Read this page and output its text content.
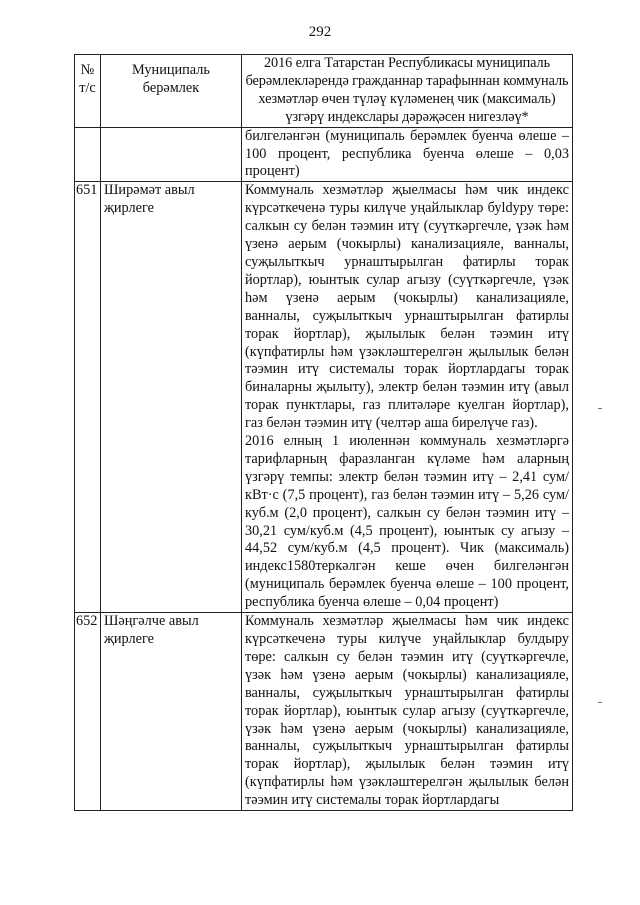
292
№ т/с	Муниципаль берәмлек	2016 елга Татарстан Республикасы муниципаль берәмлекләрендә гражданнар тарафыннан коммуналь хезмәтләр өчен түләү күләменең чик (максималь) үзгәрү индекслары дәрәҗәсен нигезләү*

		билгеләнгән (муниципаль берәмлек буенча өлеше – 100 процент, республика буенча өлеше – 0,03 процент)

651	Ширәмәт авыл җирлеге	Коммуналь хезмәтләр җыелмасы һәм чик индекс күрсәткеченә туры килүче уңайлыклар буldyру төре: салкын су белән тәэмин итү (суүткәргечле, үзәк һәм үзенә аерым (чокырлы) канализацияле, ванналы, суҗылыткыч урнаштырылган фатирлы торак йортлар), юынтык сулар агызу (суүткәргечле, үзәк һәм үзенә аерым (чокырлы) канализацияле, ванналы, суҗылыткыч урнаштырылган фатирлы торак йортлар), җылылык белән тәэмин итү (күпфатирлы һәм үзәкләштерелгән җылылык белән тәэмин итү системалы торак йортлардагы торак биналарны җылыту), электр белән тәэмин итү (авыл торак пунктлары, газ плитәләре куелган йортлар), газ белән тәэмин итү (челтәр аша бирелүче газ).

2016 елның 1 июленнән коммуналь хезмәтләргә тарифларның фаразланган күләме һәм аларның үзгәрү темпы: электр белән тәэмин итү – 2,41 сум/кВт·с (7,5 процент), газ белән тәэмин итү – 5,26 сум/куб.м (2,0 процент), салкын су белән тәэмин итү – 30,21 сум/куб.м (4,5 процент), юынтык су агызу – 44,52 сум/куб.м (4,5 процент). Чик (максималь) индекс1580теркәлгән кеше өчен билгеләнгән (муниципаль берәмлек буенча өлеше – 100 процент, республика буенча өлеше – 0,04 процент)

652	Шәңгәлче авыл җирлеге	Коммуналь хезмәтләр җыелмасы һәм чик индекс күрсәткеченә туры килүче уңайлыклар булдыру төре: салкын су белән тәэмин итү (суүткәргечле, үзәк һәм үзенә аерым (чокырлы) канализацияле, ванналы, суҗылыткыч урнаштырылган фатирлы торак йортлар), юынтык сулар агызу (суүткәргечле, үзәк һәм үзенә аерым (чокырлы) канализацияле, ванналы, суҗылыткыч урнаштырылган фатирлы торак йортлар), җылылык белән тәэмин итү (күпфатирлы һәм үзәкләштерелгән җылылык белән тәэмин итү системалы торак йортлардагы
